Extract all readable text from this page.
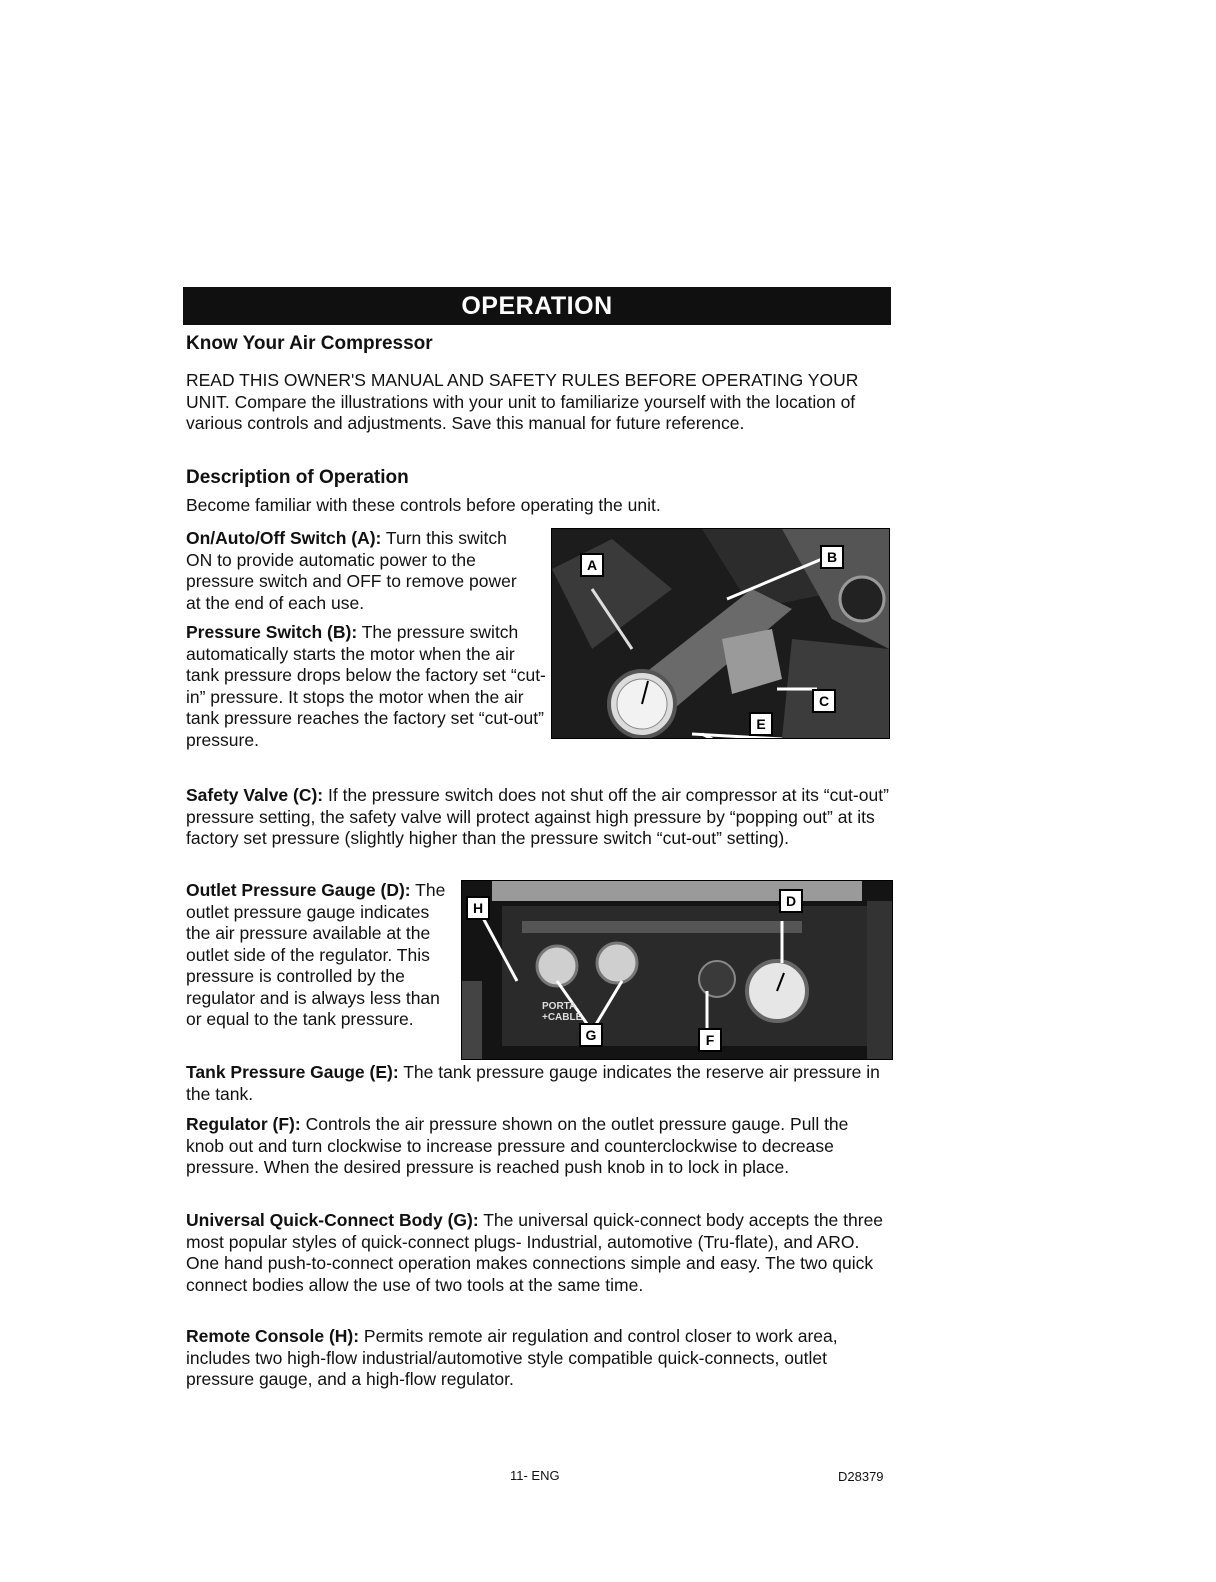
OPERATION
Know Your Air Compressor

READ THIS OWNER'S MANUAL AND SAFETY RULES BEFORE OPERATING YOUR UNIT. Compare the illustrations with your unit to familiarize yourself with the location of various controls and adjustments. Save this manual for future reference.

Description of Operation

Become familiar with these controls before operating the unit.

On/Auto/Off Switch (A): Turn this switch ON to provide automatic power to the pressure switch and OFF to remove power at the end of each use.

Pressure Switch (B): The pressure switch automatically starts the motor when the air tank pressure drops below the factory set “cut-in” pressure. It stops the motor when the air tank pressure reaches the factory set “cut-out” pressure.

A	B
C
E

Safety Valve (C): If the pressure switch does not shut off the air compressor at its “cut-out” pressure setting, the safety valve will protect against high pressure by “popping out” at its factory set pressure (slightly higher than the pressure switch “cut-out” setting).

Outlet Pressure Gauge (D): The outlet pressure gauge indicates the air pressure available at the outlet side of the regulator. This pressure is controlled by the regulator and is always less than or equal to the tank pressure.

PORTA +CABLE
H	D
G	F

Tank Pressure Gauge (E): The tank pressure gauge indicates the reserve air pressure in the tank.

Regulator (F): Controls the air pressure shown on the outlet pressure gauge. Pull the knob out and turn clockwise to increase pressure and counterclockwise to decrease pressure. When the desired pressure is reached push knob in to lock in place.

Universal Quick-Connect Body (G): The universal quick-connect body accepts the three most popular styles of quick-connect plugs- Industrial, automotive (Tru-flate), and ARO. One hand push-to-connect operation makes connections simple and easy. The two quick connect bodies allow the use of two tools at the same time.

Remote Console (H): Permits remote air regulation and control closer to work area, includes two high-flow industrial/automotive style compatible quick-connects, outlet pressure gauge, and a high-flow regulator.

11- ENG	D28379
